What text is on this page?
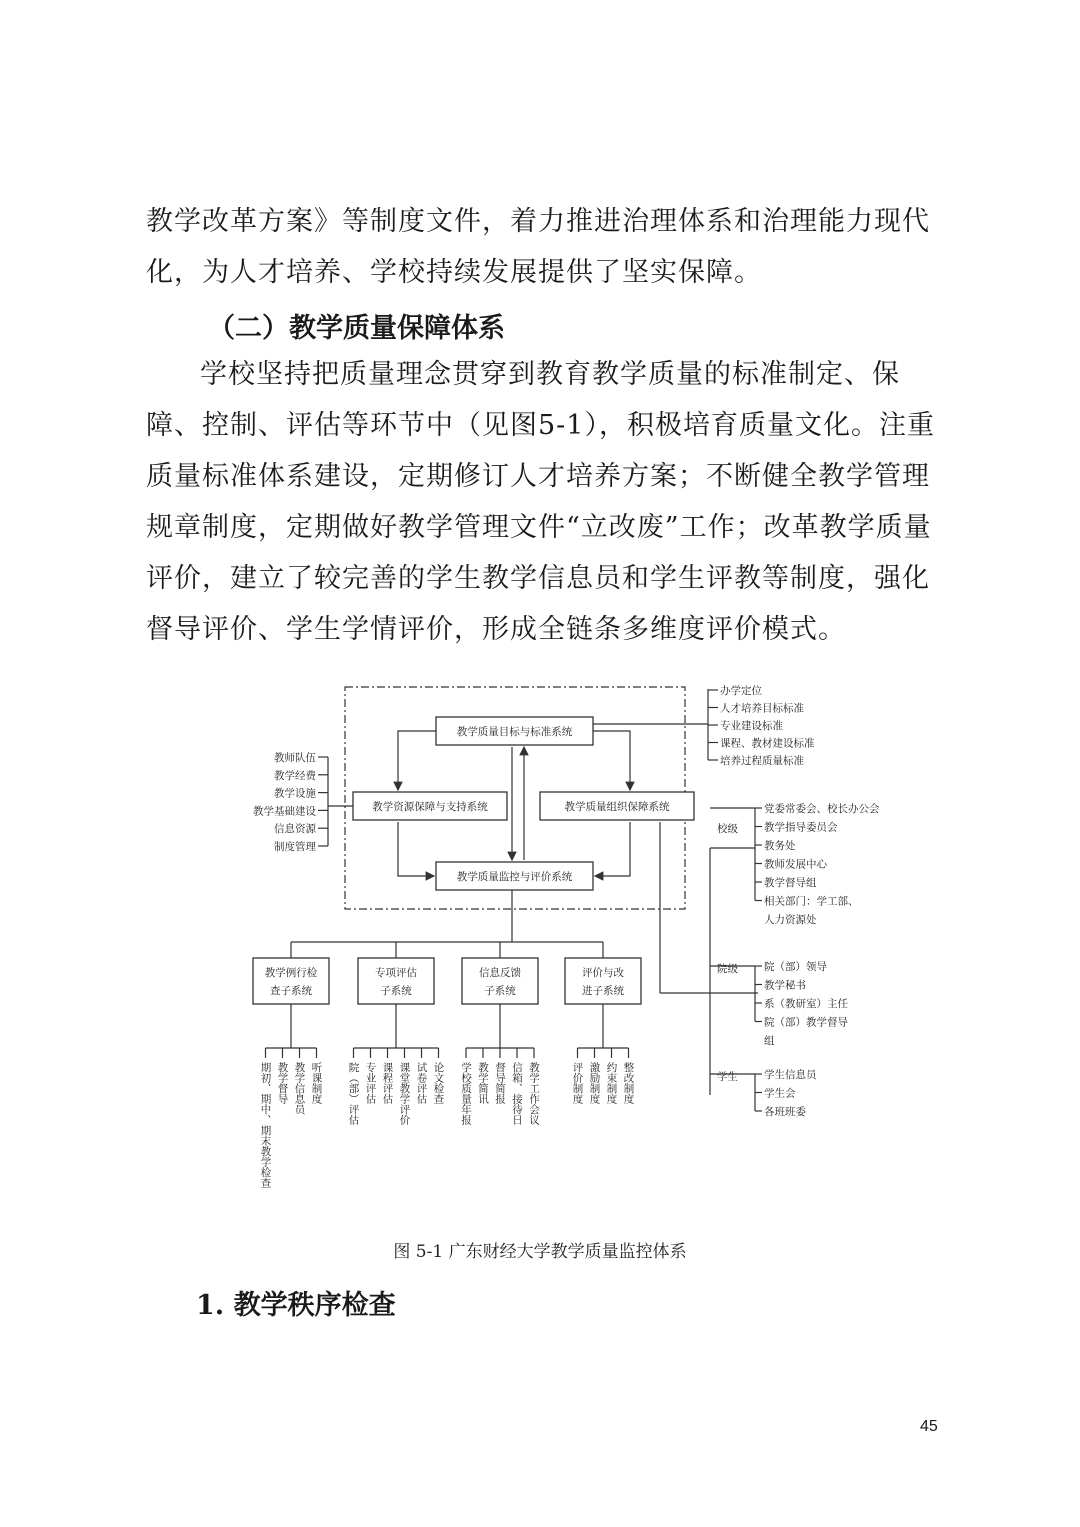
教学改革方案》等制度文件，着力推进治理体系和治理能力现代化，为人才培养、学校持续发展提供了坚实保障。

（二）教学质量保障体系

学校坚持把质量理念贯穿到教育教学质量的标准制定、保障、控制、评估等环节中（见图5-1），积极培育质量文化。注重质量标准体系建设，定期修订人才培养方案；不断健全教学管理规章制度，定期做好教学管理文件“立改废”工作；改革教学质量评价，建立了较完善的学生教学信息员和学生评教等制度，强化督导评价、学生学情评价，形成全链条多维度评价模式。

教学质量目标与标准系统
教学资源保障与支持系统	教学质量组织保障系统
教学质量监控与评价系统
办学定位
人才培养目标标准
专业建设标准
课程、教材建设标准
培养过程质量标准
教师队伍
教学经费
教学设施
教学基础建设
信息资源
制度管理
校级
党委常委会、校长办公会
教学指导委员会
教务处
教师发展中心
教学督导组
相关部门：学工部、
人力资源处
院级 院（部）领导
教学秘书
系（教研室）主任
院（部）教学督导
组
学生 学生信息员
学生会
各班班委
教学例行检
查子系统
期初、期中、期末教学检查 教学督导 教学信息员 听课制度
专项评估
子系统
院（部）评估 专业评估 课程评估 课堂教学评价 试卷评估 论文检查
信息反馈
子系统
学校质量年报 教学简讯 督导简报 信箱、接待日 教学工作会议
评价与改
进子系统
评价制度 激励制度 约束制度 整改制度
图 5-1 广东财经大学教学质量监控体系
1. 教学秩序检查
45
